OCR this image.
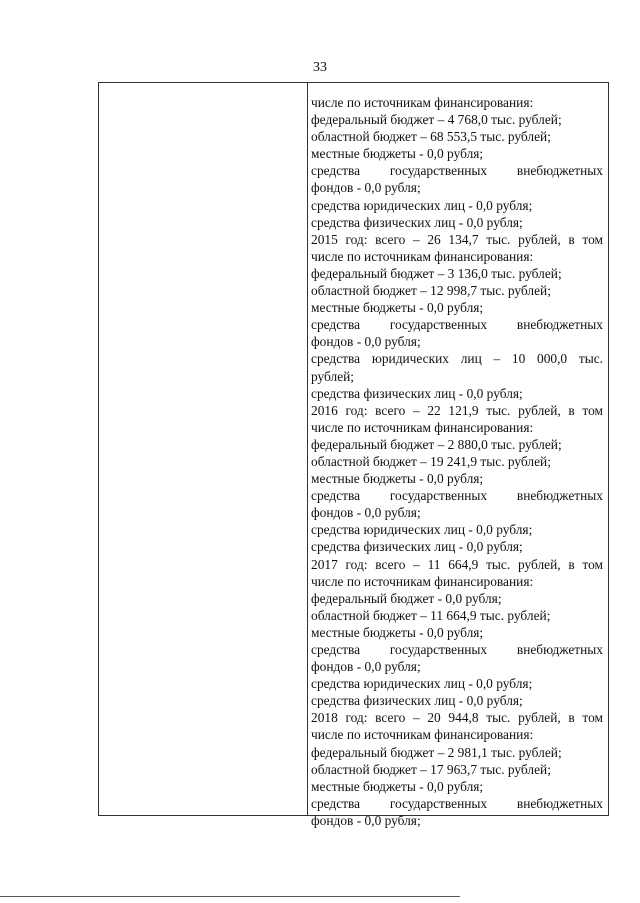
33
числе по источникам финансирования:
федеральный бюджет – 4 768,0 тыс. рублей;
областной бюджет – 68 553,5 тыс. рублей;
местные бюджеты - 0,0 рубля;
средства государственных внебюджетных
фондов - 0,0 рубля;
средства юридических лиц - 0,0 рубля;
средства физических лиц - 0,0 рубля;
2015 год: всего – 26 134,7 тыс. рублей, в том
числе по источникам финансирования:
федеральный бюджет – 3 136,0 тыс. рублей;
областной бюджет – 12 998,7 тыс. рублей;
местные бюджеты - 0,0 рубля;
средства государственных внебюджетных
фондов - 0,0 рубля;
средства юридических лиц – 10 000,0 тыс.
рублей;
средства физических лиц - 0,0 рубля;
2016 год: всего – 22 121,9 тыс. рублей, в том
числе по источникам финансирования:
федеральный бюджет – 2 880,0 тыс. рублей;
областной бюджет – 19 241,9 тыс. рублей;
местные бюджеты - 0,0 рубля;
средства государственных внебюджетных
фондов - 0,0 рубля;
средства юридических лиц - 0,0 рубля;
средства физических лиц - 0,0 рубля;
2017 год: всего – 11 664,9 тыс. рублей, в том
числе по источникам финансирования:
федеральный бюджет - 0,0 рубля;
областной бюджет – 11 664,9 тыс. рублей;
местные бюджеты - 0,0 рубля;
средства государственных внебюджетных
фондов - 0,0 рубля;
средства юридических лиц - 0,0 рубля;
средства физических лиц - 0,0 рубля;
2018 год: всего – 20 944,8 тыс. рублей, в том
числе по источникам финансирования:
федеральный бюджет – 2 981,1 тыс. рублей;
областной бюджет – 17 963,7 тыс. рублей;
местные бюджеты - 0,0 рубля;
средства государственных внебюджетных
фондов - 0,0 рубля;
